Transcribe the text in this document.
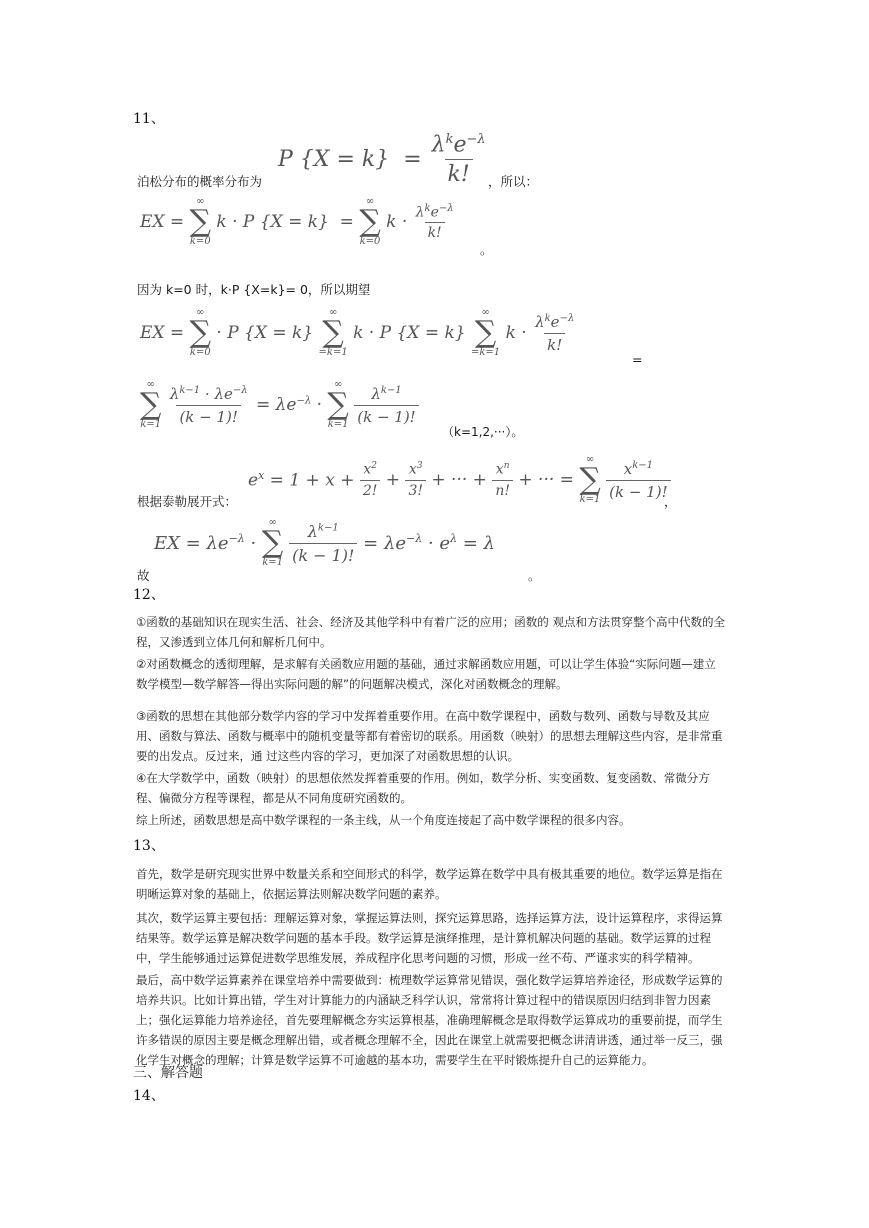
11、
泊松分布的概率分布为
P $\{X = k\} = \frac{\lambda^ke^{-\lambda}}{k!}$ ，所以：
EX =
∞
∑
k=0
k · P {X = k}  =
∞
∑
k=0
$k \cdot \frac{\lambda^ke^{-\lambda}}{k!}$
。
因为 k=0 时，k·P {X=k}= 0，所以期望
EX =
∞
∑
k=0
· P {X = k}
∞
∑
=k=1
k · P {X = k}
∞
∑
=k=1
$k \cdot \frac{\lambda^ke^{-\lambda}}{k!}$
=
∞
∑
k=1
$\frac{\lambda^{k-1} \cdot \lambda e^{-\lambda}}{(k - 1)!} = \lambda e^{-\lambda}$ ·
∞
∑
k=1
$\frac{\lambda^{k-1}}{(k - 1)!}$
（k=1,2,···）。
$e^x = 1 + x + \frac{x^2}{2!} + \frac{x^3}{3!}$ + ··· + $\frac{x^n}{n!}$ + ··· =
∞
∑
k=1
$\frac{x^{k-1}}{(k - 1)!}$
根据泰勒展开式：	，
故
EX = $\lambda e^{-\lambda}$ ·
∞
∑
k=1
$\frac{\lambda^{k-1}}{(k - 1)!} = \lambda e^{-\lambda} \cdot e^\lambda = \lambda$
。
12、
①函数的基础知识在现实生活、社会、经济及其他学科中有着广泛的应用；函数的 观点和方法贯穿整个高中代数的全程，又渗透到立体几何和解析几何中。
②对函数概念的透彻理解，是求解有关函数应用题的基础，通过求解函数应用题，可以让学生体验“实际问题—建立数学模型—数学解答—得出实际问题的解”的问题解决模式，深化对函数概念的理解。
③函数的思想在其他部分数学内容的学习中发挥着重要作用。在高中数学课程中，函数与数列、函数与导数及其应用、函数与算法、函数与概率中的随机变量等都有着密切的联系。用函数（映射）的思想去理解这些内容，是非常重要的出发点。反过来，通 过这些内容的学习，更加深了对函数思想的认识。
④在大学数学中，函数（映射）的思想依然发挥着重要的作用。例如，数学分析、实变函数、复变函数、常微分方程、偏微分方程等课程，都是从不同角度研究函数的。
综上所述，函数思想是高中数学课程的一条主线，从一个角度连接起了高中数学课程的很多内容。
13、
首先，数学是研究现实世界中数量关系和空间形式的科学，数学运算在数学中具有极其重要的地位。数学运算是指在明晰运算对象的基础上，依据运算法则解决数学问题的素养。
其次，数学运算主要包括：理解运算对象，掌握运算法则，探究运算思路，选择运算方法，设计运算程序，求得运算结果等。数学运算是解决数学问题的基本手段。数学运算是演绎推理，是计算机解决问题的基础。数学运算的过程中，学生能够通过运算促进数学思维发展，养成程序化思考问题的习惯，形成一丝不苟、严谨求实的科学精神。
最后，高中数学运算素养在课堂培养中需要做到：梳理数学运算常见错误，强化数学运算培养途径，形成数学运算的培养共识。比如计算出错，学生对计算能力的内涵缺乏科学认识，常常将计算过程中的错误原因归结到非智力因素上；强化运算能力培养途径，首先要理解概念夯实运算根基，准确理解概念是取得数学运算成功的重要前提，而学生许多错误的原因主要是概念理解出错，或者概念理解不全，因此在课堂上就需要把概念讲清讲透，通过举一反三，强化学生对概念的理解；计算是数学运算不可逾越的基本功，需要学生在平时锻炼提升自己的运算能力。
三、解答题
14、
